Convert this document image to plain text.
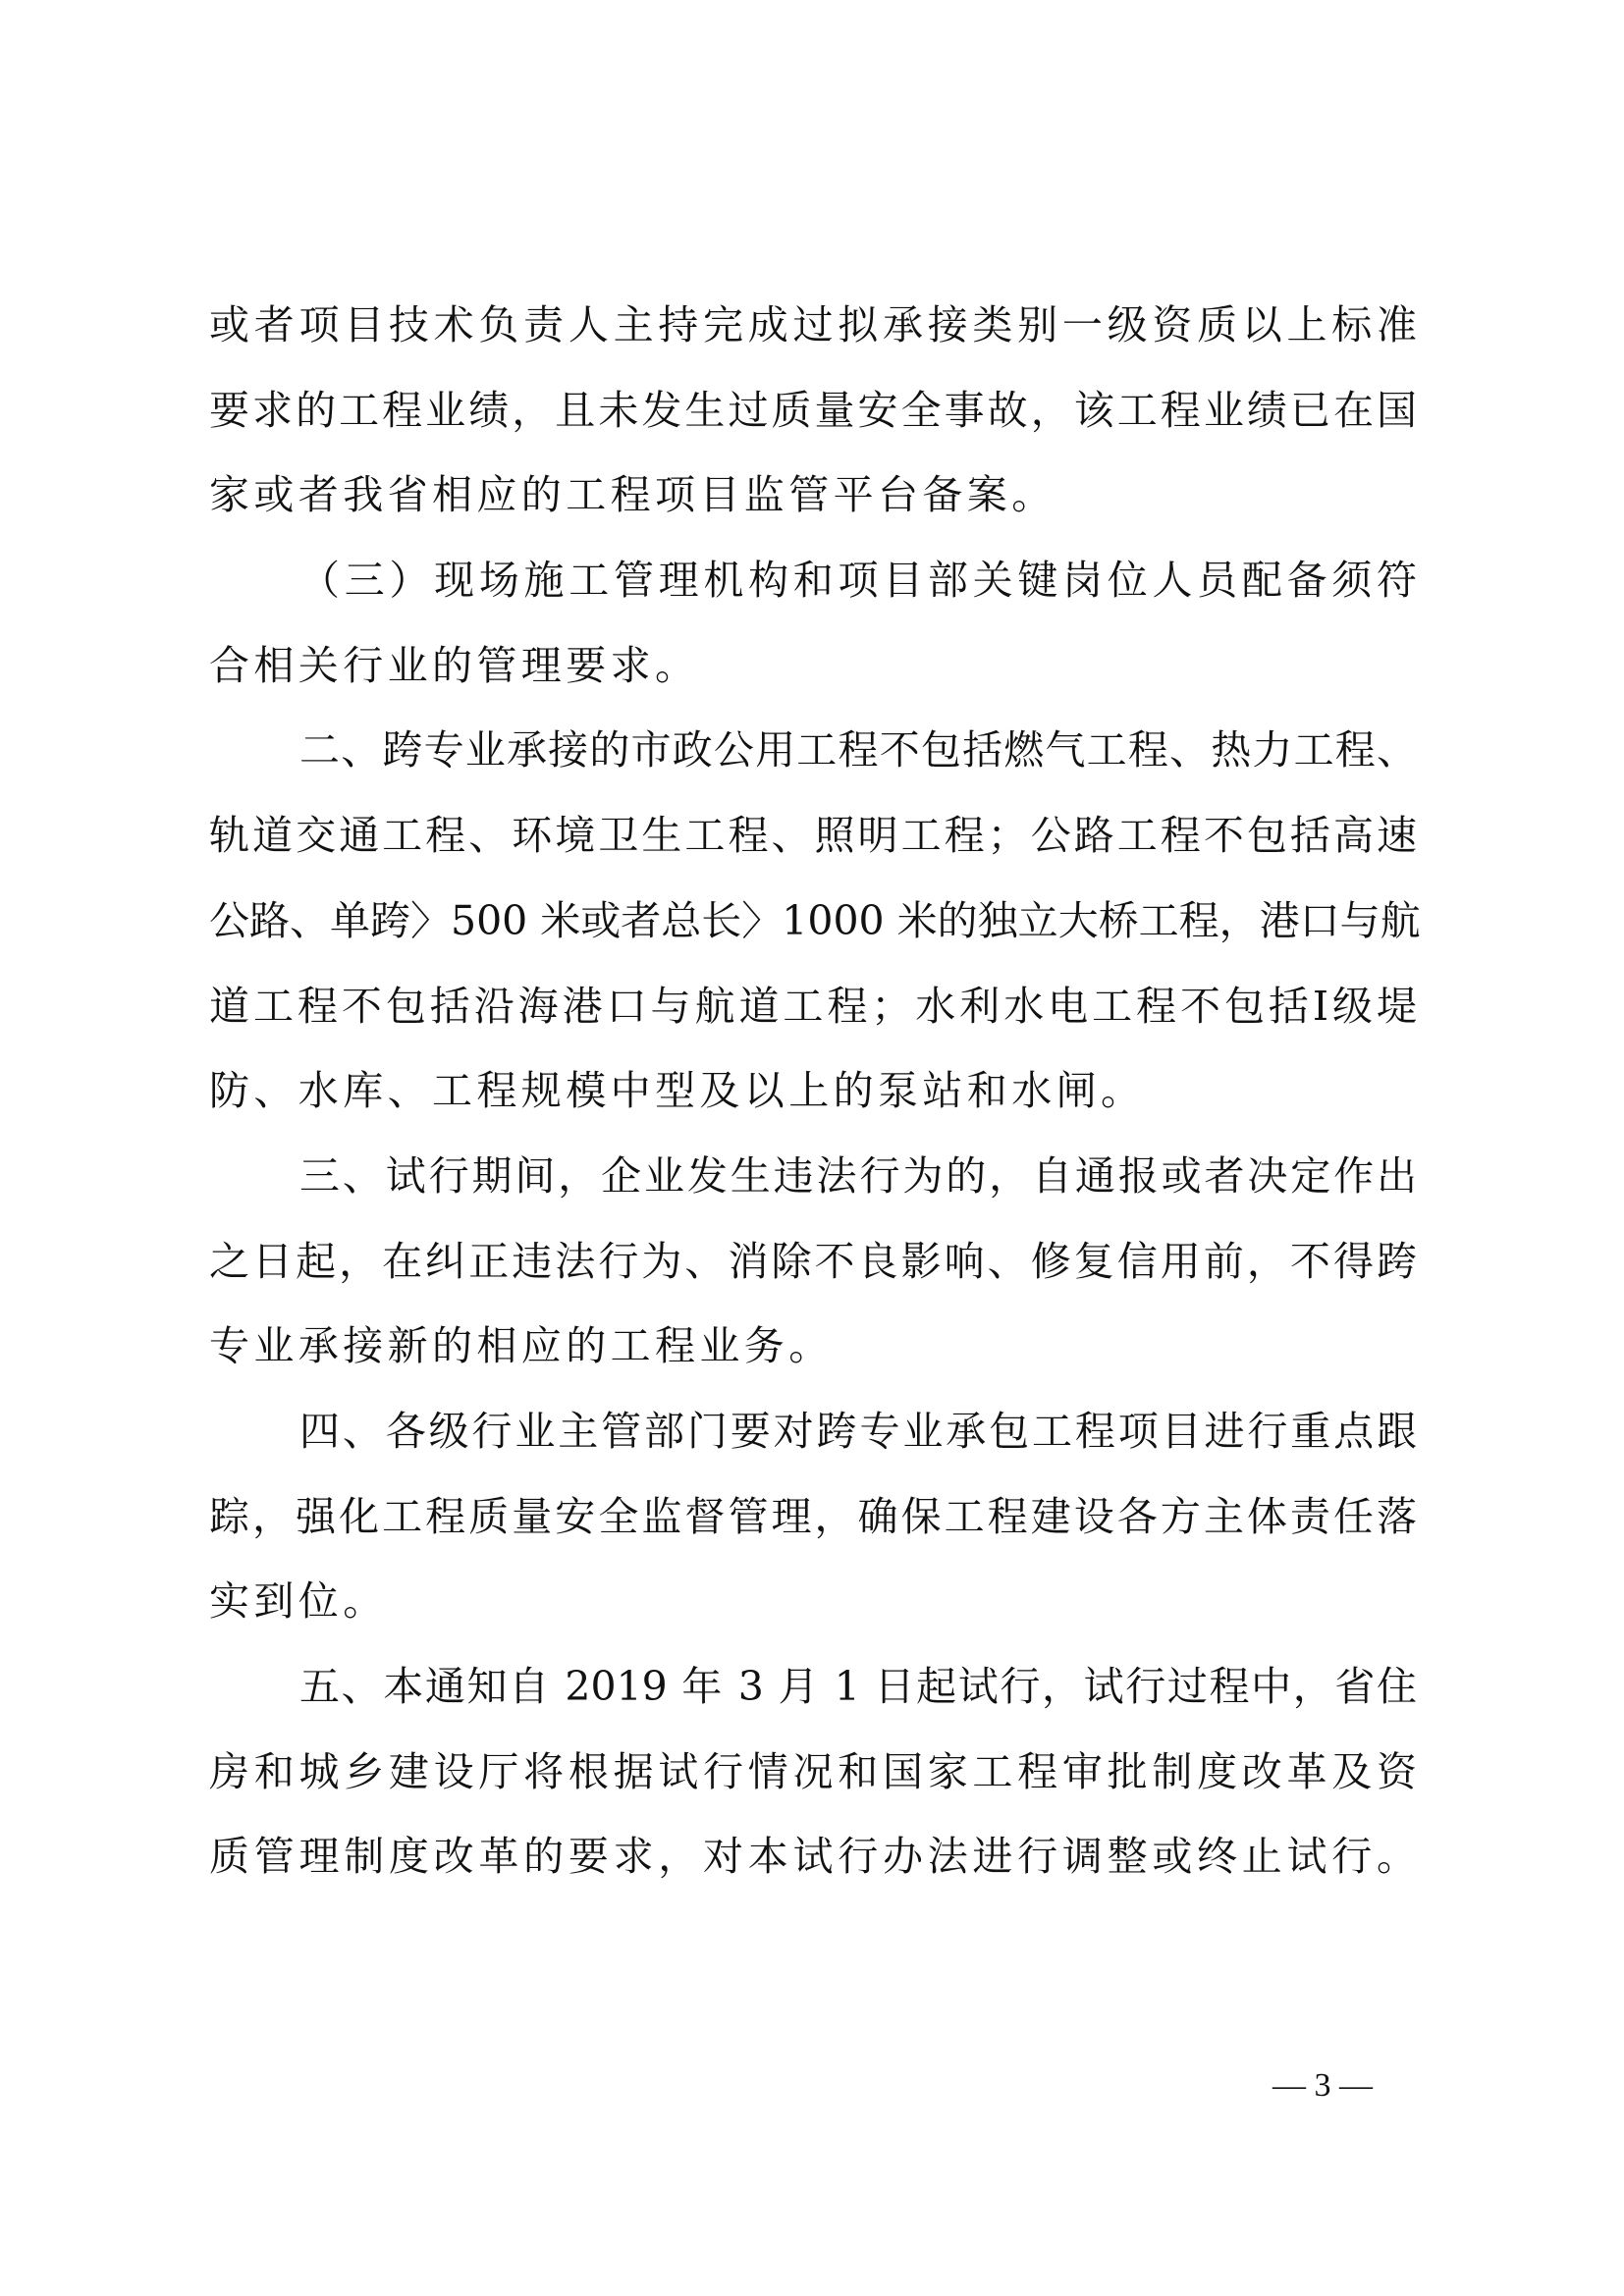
或者项目技术负责人主持完成过拟承接类别一级资质以上标准
要求的工程业绩，且未发生过质量安全事故，该工程业绩已在国
家或者我省相应的工程项目监管平台备案。
（三）现场施工管理机构和项目部关键岗位人员配备须符
合相关行业的管理要求。
二、跨专业承接的市政公用工程不包括燃气工程、热力工程、
轨道交通工程、环境卫生工程、照明工程；公路工程不包括高速
公路、单跨〉500 米或者总长〉1000 米的独立大桥工程，港口与航
道工程不包括沿海港口与航道工程；水利水电工程不包括Ⅰ级堤
防、水库、工程规模中型及以上的泵站和水闸。
三、试行期间，企业发生违法行为的，自通报或者决定作出
之日起，在纠正违法行为、消除不良影响、修复信用前，不得跨
专业承接新的相应的工程业务。
四、各级行业主管部门要对跨专业承包工程项目进行重点跟
踪，强化工程质量安全监督管理，确保工程建设各方主体责任落
实到位。
五、本通知自 2019 年 3 月 1 日起试行，试行过程中，省住
房和城乡建设厅将根据试行情况和国家工程审批制度改革及资
质管理制度改革的要求，对本试行办法进行调整或终止试行。
— 3 —
